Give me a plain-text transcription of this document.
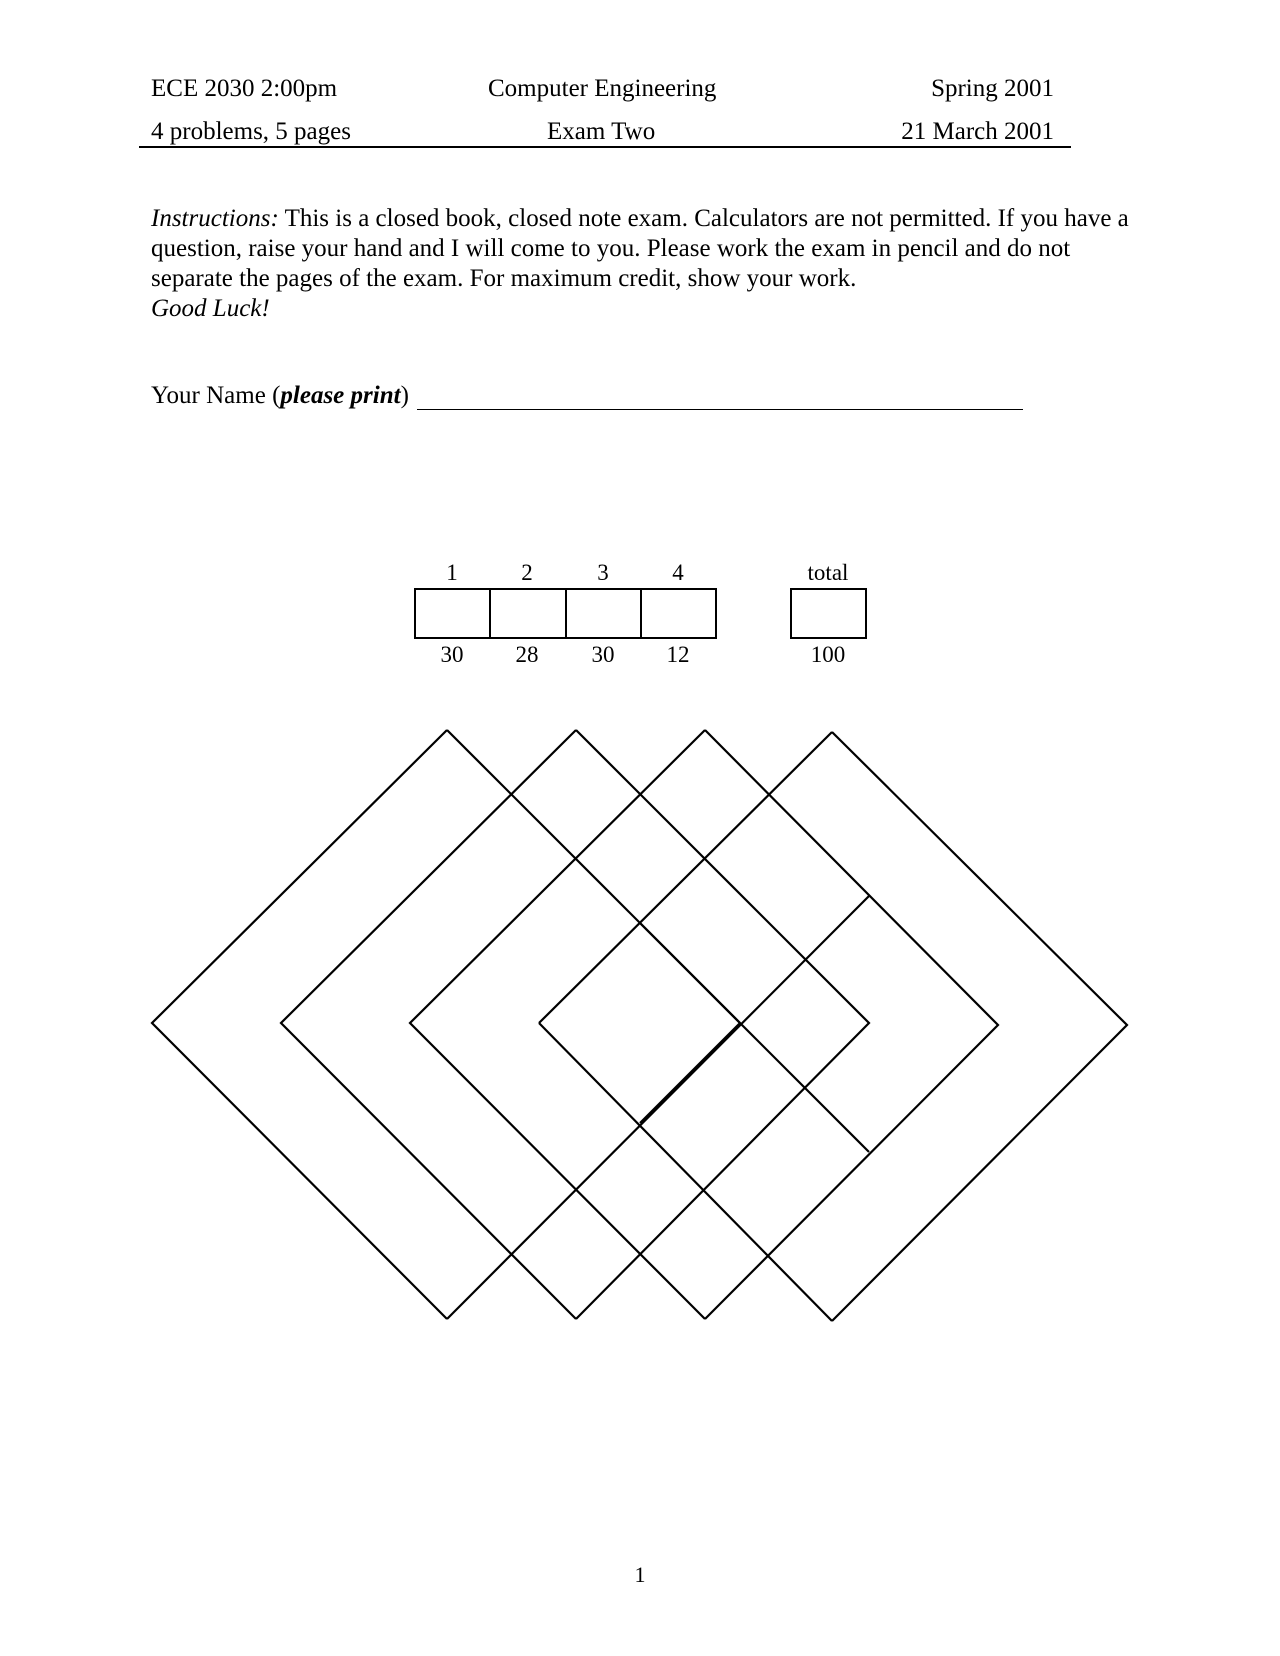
ECE 2030 2:00pm	Computer Engineering	Spring 2001
4 problems, 5 pages	Exam Two	21 March 2001
Instructions: This is a closed book, closed note exam. Calculators are not permitted. If you have a question, raise your hand and I will come to you. Please work the exam in pencil and do not separate the pages of the exam. For maximum credit, show your work.
Good Luck!
Your Name ( please print )
1	2	3	4	total
30	28	30	12	100
1
